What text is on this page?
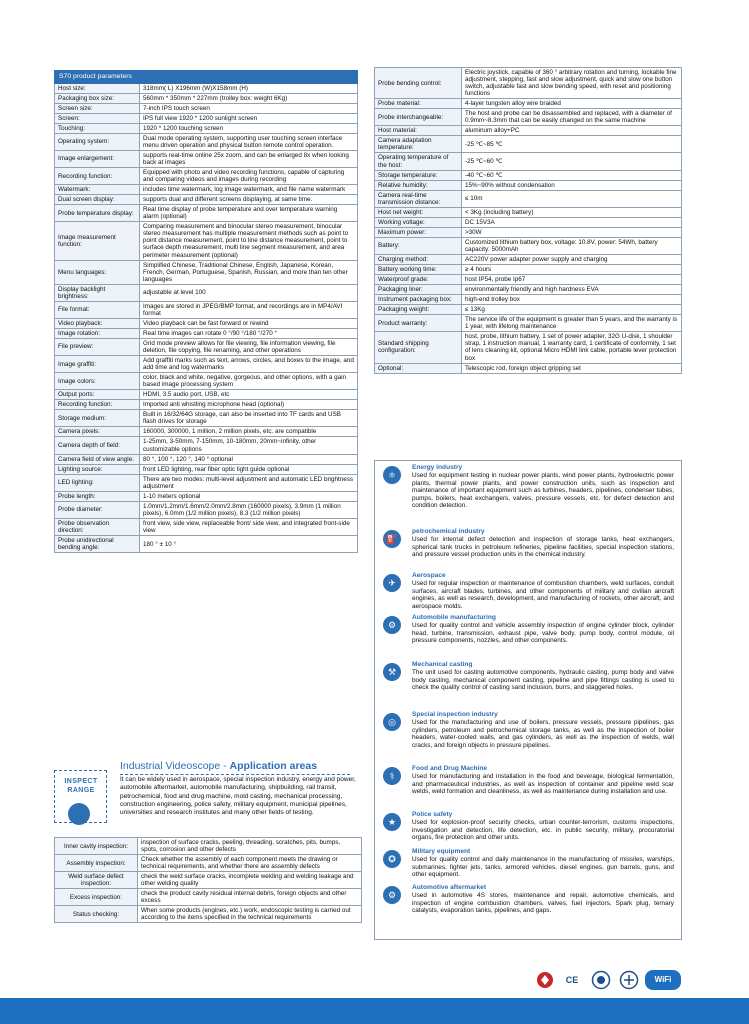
S70 product parameters	
Host size:	318mm( L) X196mm (W)X158mm (H)
Packaging box size:	560mm * 350mm * 227mm (trolley box: weight 6Kg)
Screen size:	7-inch IPS touch screen
Screen:	IPS full view 1920 * 1200 sunlight screen
Touching:	1920 * 1200 touching screen
Operating system:	Dual mode operating system, supporting user touching screen interface menu driven operation and physical button remote control operation.
Image enlargement:	supports real-time online 25x zoom, and can be enlarged 8x when looking back at images
Recording function:	Equipped with photo and video recording functions, capable of capturing and comparing videos and images during recording
Watermark:	includes time watermark, log image watermark, and file name watermark
Dual screen display:	supports dual and different screens displaying, at same time.
Probe temperature display:	Real time display of probe temperature and over temperature warning alarm (optional)
Image measurement function:	Comparing measurement and binocular stereo measurement, binocular stereo measurement has multiple measurement methods such as point to point distance measurement, point to line distance measurement, point to surface depth measurement, multi line segment measurement, and area perimeter measurement (optional)
Menu languages:	Simplified Chinese, Traditional Chinese, English, Japanese, Korean, French, German, Portuguese, Spanish, Russian, and more than ten other languages
Display backlight brightness:	adjustable at level 100
File format:	Images are stored in JPEG/BMP format, and recordings are in MP4/AVI format
Video playback:	Video playback can be fast forward or rewind
Image rotation:	Real time images can rotate 0 °/90 °/180 °/270 °
File preview:	Grid mode preview allows for file viewing, file information viewing, file deletion, file copying, file renaming, and other operations
Image graffiti:	Add graffiti marks such as text, arrows, circles, and boxes to the image, and add time and log watermarks
Image colors:	color, black and white, negative, gorgeous, and other options, with a gain based image processing system
Output ports:	HDMI, 3.5 audio port, USB, etc
Recording function:	Imported anti whistling microphone head (optional)
Storage medium:	Built in 16/32/64G storage, can also be inserted into TF cards and USB flash drives for storage
Camera pixels:	160000, 300000, 1 million, 2 million pixels, etc. are compatible
Camera depth of field:	1-25mm, 3-50mm, 7-150mm, 10-180mm, 20mm~infinity, other customizable options
Camera field of view angle:	80 °, 100 °, 120 °, 140 ° optional
Lighting source:	front LED lighting, rear fiber optic light guide optional
LED lighting:	There are two modes: multi-level adjustment and automatic LED brightness adjustment
Probe length:	1-10 meters optional
Probe diameter:	1.0mm/1.2mm/1.6mm/2.0mm/2.8mm (160000 pixels), 3.9mm (1 million pixels), 6.0mm (1/2 million pixels), 8.3 (1/2 million pixels)
Probe observation direction:	front view, side view, replaceable front/ side view, and integrated front-side view
Probe unidirectional bending angle:	180 ° ± 10 °
Probe bending control:	Electric joystick, capable of 360 ° arbitrary rotation and turning, lockable fine adjustment, stepping, fast and slow adjustment, quick and slow one button switch, adjustable fast and slow bending speed, with reset and positioning functions
Probe material:	4-layer tungsten alloy wire braided
Probe interchangeable:	The host and probe can be disassembled and replaced, with a diameter of 0.9mm~8.3mm that can be easily changed on the same machine
Host material:	aluminum alloy+PC
Camera adaptation temperature:	-25 ℃~85 ℃
Operating temperature of the host:	-25 ℃~60 ℃
Storage temperature:	-40 ℃~60 ℃
Relative humidity:	15%~90% without condensation
Camera real-time transmission distance:	≤ 10m
Host net weight:	< 3Kg (including battery)
Working voltage:	DC 15V3A
Maximum power:	>30W
Battery:	Customized lithium battery box, voltage: 10.8V, power: 54Wh, battery capacity: 5000mAh
Charging method:	AC220V power adapter power supply and charging
Battery working time:	≥ 4 hours
Waterproof grade:	host IP54, probe Ip67
Packaging liner:	environmentally friendly and high hardness EVA
Instrument packaging box:	high-end trolley box
Packaging weight:	≤ 13Kg
Product warranty:	The service life of the equipment is greater than 5 years, and the warranty is 1 year, with lifelong maintenance
Standard shipping configuration:	host, probe, lithium battery, 1 set of power adapter, 32G U-disk, 1 shoulder strap, 1 instruction manual, 1 warranty card, 1 certificate of conformity, 1 set of lens cleaning kit, optional Micro HDMI link cable, portable lever protection box
Optional:	Telescopic rod, foreign object gripping set
INSPECT
RANGE
Industrial Videoscope - Application areas
It can be widely used in aerospace, special inspection industry, energy and power, automobile aftermarket, automobile manufacturing, shipbuilding, rail transit, petrochemical, food and drug machine, mold casting, mechanical processing, construction engineering, police safety, military equipment, municipal pipelines, universities and research institutes and many other fields of testing.
Inner cavity inspection:	inspection of surface cracks, peeling, threading, scratches, pits, bumps, spots, corrosion and other defects
Assembly inspection:	Check whether the assembly of each component meets the drawing or technical requirements, and whether there are assembly defects
Weld surface defect inspection:	check the weld surface cracks, incomplete welding and welding leakage and other welding quality
Excess inspection:	check the product cavity residual internal debris, foreign objects and other excess
Status checking:	When some products (engines, etc.) work, endoscopic testing is carried out according to the items specified in the technical requirements
⚛
Energy industry
Used for equipment testing in nuclear power plants, wind power plants, hydroelectric power plants, thermal power plants, and power construction units, such as inspection and maintenance of important equipment such as turbines, headers, pipelines, condenser tubes, pumps, boilers, heat exchangers, valves, pressure vessels, etc. for defect detection and condition detection.
⛽
petrochemical industry
Used for internal defect detection and inspection of storage tanks, heat exchangers, spherical tank trucks in petroleum refineries, pipeline facilities, special inspection stations, and pressure vessel production units in the chemical industry.
✈
Aerospace
Used for regular inspection or maintenance of combustion chambers, weld surfaces, conduit surfaces, aircraft blades, turbines, and other components of military and civilian aircraft engines, as well as research, development, and manufacturing of rockets, other aircraft, and aerospace molds.
⚙
Automobile manufacturing
Used for quality control and vehicle assembly inspection of engine cylinder block, cylinder head, turbine, transmission, exhaust pipe, valve body, pump body, control module, oil pressure components, nozzles, and other components.
⚒
Mechanical casting
The unit used for casting automotive components, hydraulic casting, pump body and valve body casting, mechanical component casting, pipeline and pipe fittings casting is used to check the quality control of casting sand inclusion, burrs, and staggered holes.
◎
Special inspection industry
Used for the manufacturing and use of boilers, pressure vessels, pressure pipelines, gas cylinders, petroleum and petrochemical storage tanks, as well as the inspection of boiler headers, water-cooled walls, and gas cylinders, as well as the inspection of welds, wall cracks, and foreign objects in pressure pipelines.
⚕
Food and Drug Machine
Used for manufacturing and installation in the food and beverage, biological fermentation, and pharmaceutical industries, as well as inspection of container and pipeline weld scar welds, weld formation and cleanliness, as well as maintenance during installation and use.
★
Police safety
Used for explosion-proof security checks, urban counter-terrorism, customs inspections, investigation and detection, life detection, etc. in public security, military, procuratorial organs, fire protection and other units.
✪
Military equipment
Used for quality control and daily maintenance in the manufacturing of missiles, warships, submarines, fighter jets, tanks, armored vehicles, diesel engines, gun barrels, guns, and other equipment.
⚙
Automotive aftermarket
Used in automotive 4S stores, maintenance and repair, automotive chemicals, and inspection of engine combustion chambers, valves, fuel injectors, Spark plug, ternary catalysts, evaporation tanks, pipelines, and gaps.
CE	WiFi
